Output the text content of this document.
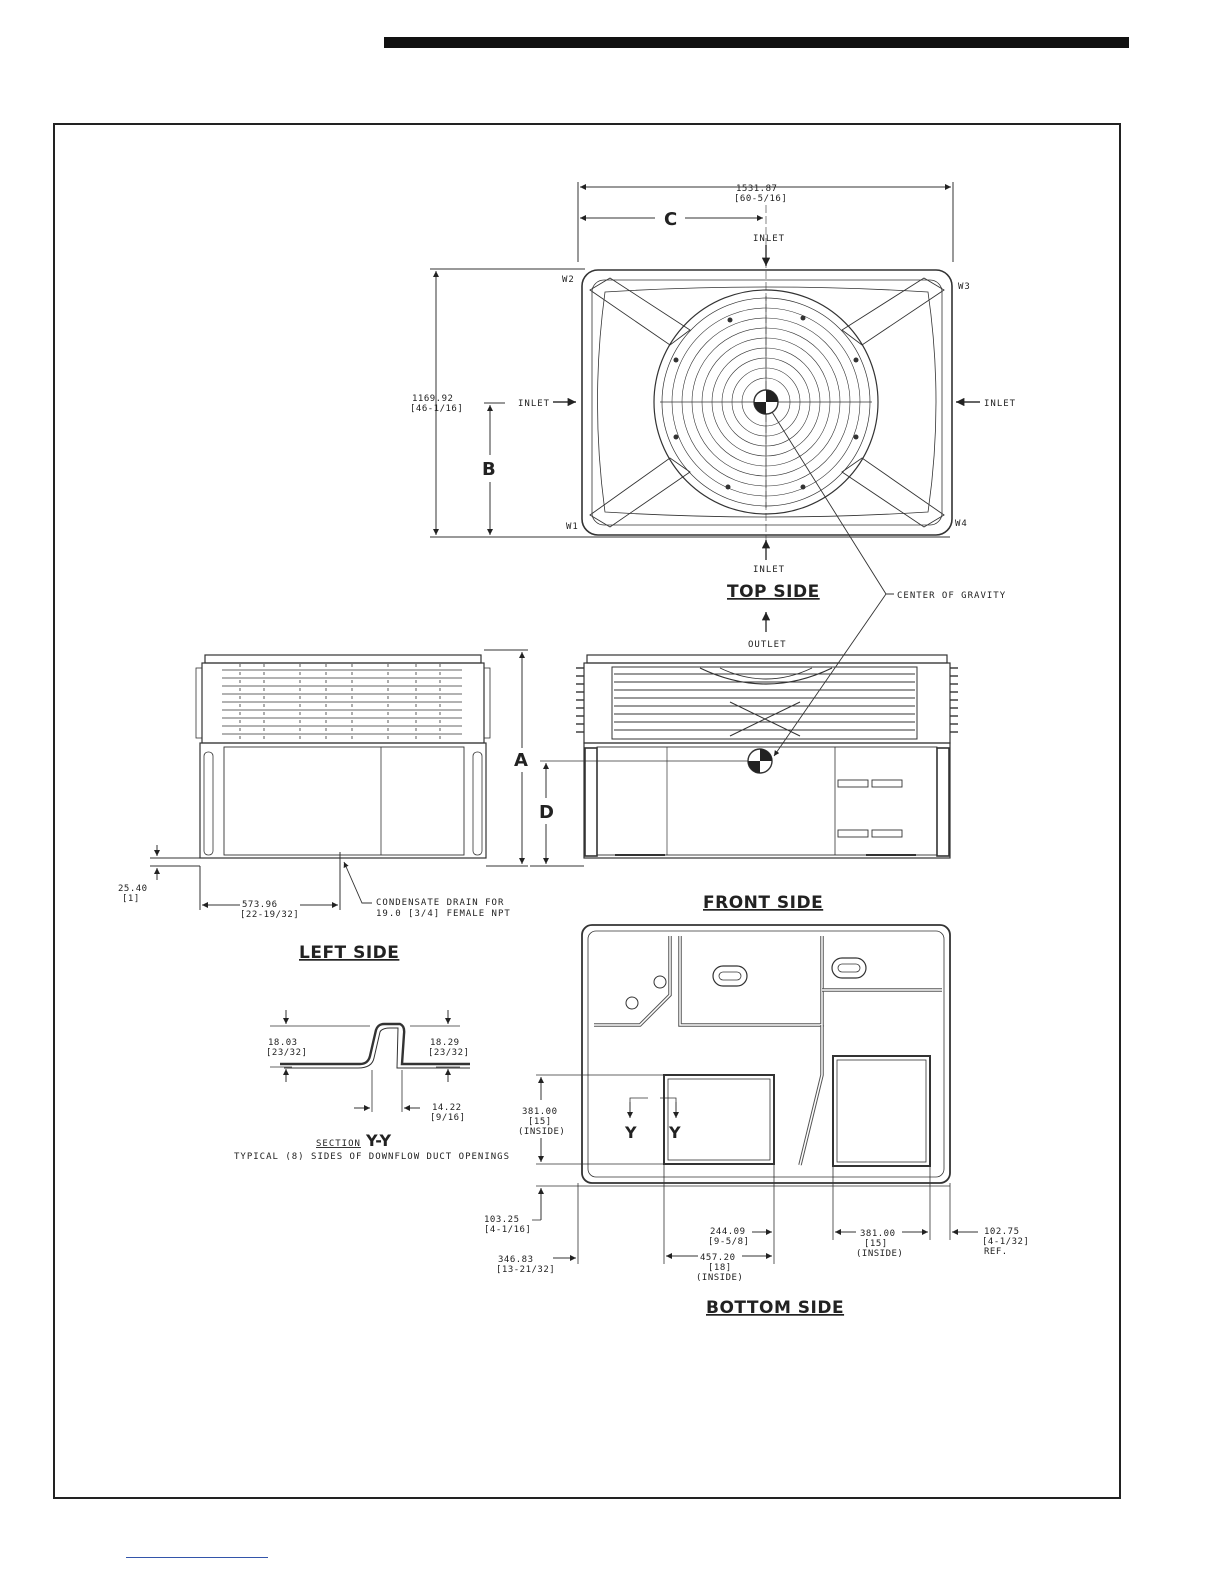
1531.87
[60-5/16]
C
INLET
W2
W3
W1	W4
1169.92
[46-1/16]	INLET	INLET
B
INLET
TOP SIDE	CENTER OF GRAVITY
OUTLET
25.40
[1]
573.96
[22-19/32]
CONDENSATE DRAIN FOR
19.0 [3/4] FEMALE NPT
LEFT SIDE
A
D
FRONT SIDE
18.03
[23/32]
18.29
[23/32]
14.22
[9/16]
SECTION Y-Y
TYPICAL (8) SIDES OF DOWNFLOW DUCT OPENINGS
Y Y
381.00
[15]
(INSIDE)
103.25
[4-1/16]
346.83
[13-21/32]
244.09
[9-5/8]
457.20
[18]
(INSIDE)
381.00
[15]
(INSIDE)
102.75
[4-1/32]
REF.
BOTTOM SIDE
